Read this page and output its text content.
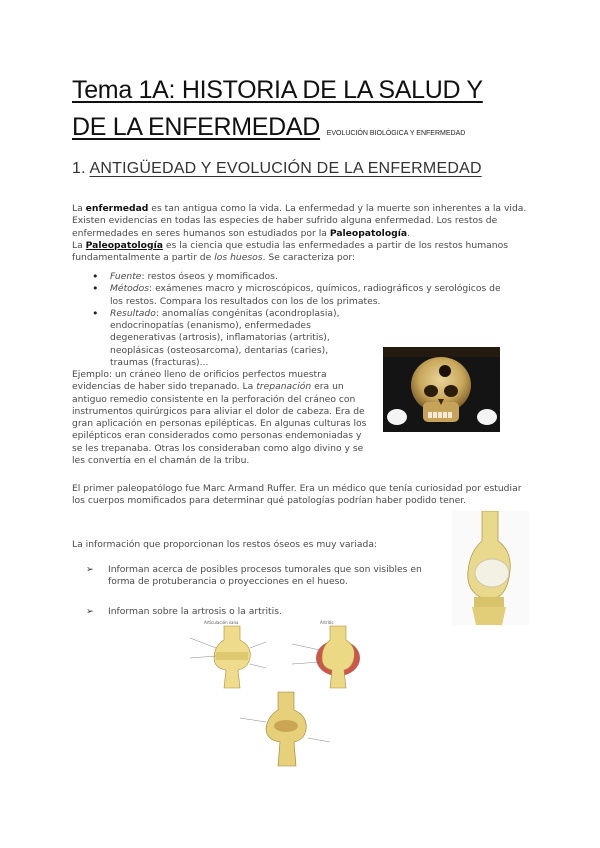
Tema 1A: HISTORIA DE LA SALUD Y
DE LA ENFERMEDAD EVOLUCIÓN BIOLÓGICA Y ENFERMEDAD
1. ANTIGÜEDAD Y EVOLUCIÓN DE LA ENFERMEDAD
La enfermedad es tan antigua como la vida. La enfermedad y la muerte son inherentes a la vida. Existen evidencias en todas las especies de haber sufrido alguna enfermedad. Los restos de enfermedades en seres humanos son estudiados por la Paleopatología.
La Paleopatología es la ciencia que estudia las enfermedades a partir de los restos humanos fundamentalmente a partir de los huesos. Se caracteriza por:
• Fuente: restos óseos y momificados.
• Métodos: exámenes macro y microscópicos, químicos, radiográficos y serológicos de los restos. Compara los resultados con los de los primates.
• Resultado: anomalías congénitas (acondroplasia), endocrinopatías (enanismo), enfermedades degenerativas (artrosis), inflamatorias (artritis), neoplásicas (osteosarcoma), dentarias (caries), traumas (fracturas)...
Ejemplo: un cráneo lleno de orificios perfectos muestra evidencias de haber sido trepanado. La trepanación era un antiguo remedio consistente en la perforación del cráneo con instrumentos quirúrgicos para aliviar el dolor de cabeza. Era de gran aplicación en personas epilépticas. En algunas culturas los epilépticos eran considerados como personas endemoniadas y se les trepanaba. Otras los consideraban como algo divino y se les convertía en el chamán de la tribu.
El primer paleopatólogo fue Marc Armand Ruffer. Era un médico que tenía curiosidad por estudiar los cuerpos momificados para determinar qué patologías podrían haber podido tener.
La información que proporcionan los restos óseos es muy variada:
➢ Informan acerca de posibles procesos tumorales que son visibles en forma de protuberancia o proyecciones en el hueso.
➢ Informan sobre la artrosis o la artritis.
Articulación sana	Artritis
